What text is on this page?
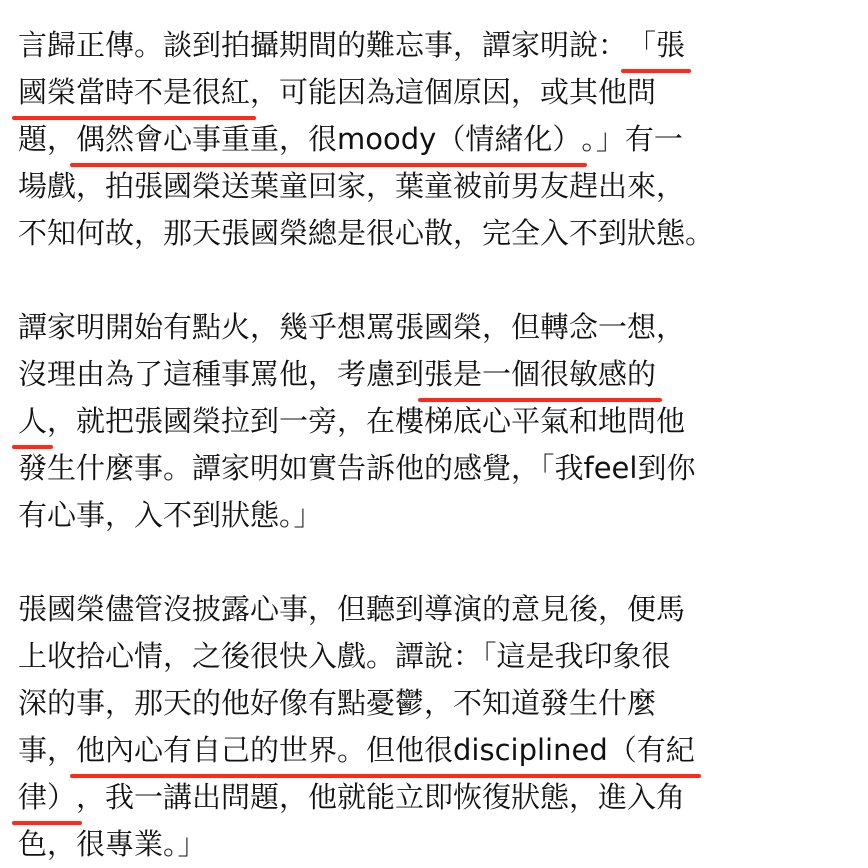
言歸正傳。談到拍攝期間的難忘事，譚家明說：「張
國榮當時不是很紅，可能因為這個原因，或其他問
題，偶然會心事重重，很moody（情緒化）。」有一
場戲，拍張國榮送葉童回家，葉童被前男友趕出來，
不知何故，那天張國榮總是很心散，完全入不到狀態。
譚家明開始有點火，幾乎想罵張國榮，但轉念一想，
沒理由為了這種事罵他，考慮到張是一個很敏感的
人，就把張國榮拉到一旁，在樓梯底心平氣和地問他
發生什麼事。譚家明如實告訴他的感覺，「我feel到你
有心事，入不到狀態。」
張國榮儘管沒披露心事，但聽到導演的意見後，便馬
上收拾心情，之後很快入戲。譚說：「這是我印象很
深的事，那天的他好像有點憂鬱，不知道發生什麼
事，他內心有自己的世界。但他很disciplined（有紀
律），我一講出問題，他就能立即恢復狀態，進入角
色，很專業。」
